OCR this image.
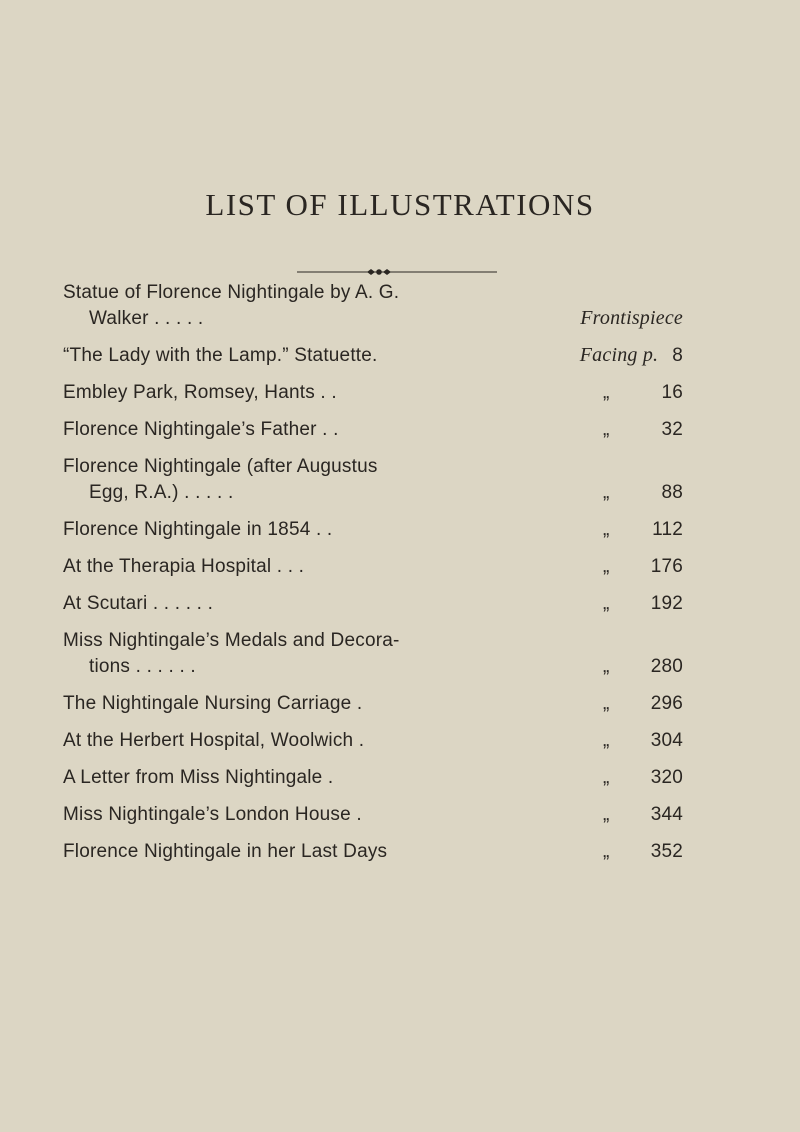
LIST OF ILLUSTRATIONS
Statue of Florence Nightingale by A. G.
Walker . . . . .	Frontispiece
“The Lady with the Lamp.” Statuette.	Facing p. 8
Embley Park, Romsey, Hants . .	„	16
Florence Nightingale’s Father . .	„	32
Florence Nightingale (after Augustus
Egg, R.A.) . . . . .	„	88
Florence Nightingale in 1854 . .	„ 112
At the Therapia Hospital . . .	„ 176
At Scutari . . . . . .	„ 192
Miss Nightingale’s Medals and Decora-
tions . . . . . .	„ 280
The Nightingale Nursing Carriage .	„ 296
At the Herbert Hospital, Woolwich .	„ 304
A Letter from Miss Nightingale .	„ 320
Miss Nightingale’s London House .	„ 344
Florence Nightingale in her Last Days	„ 352
